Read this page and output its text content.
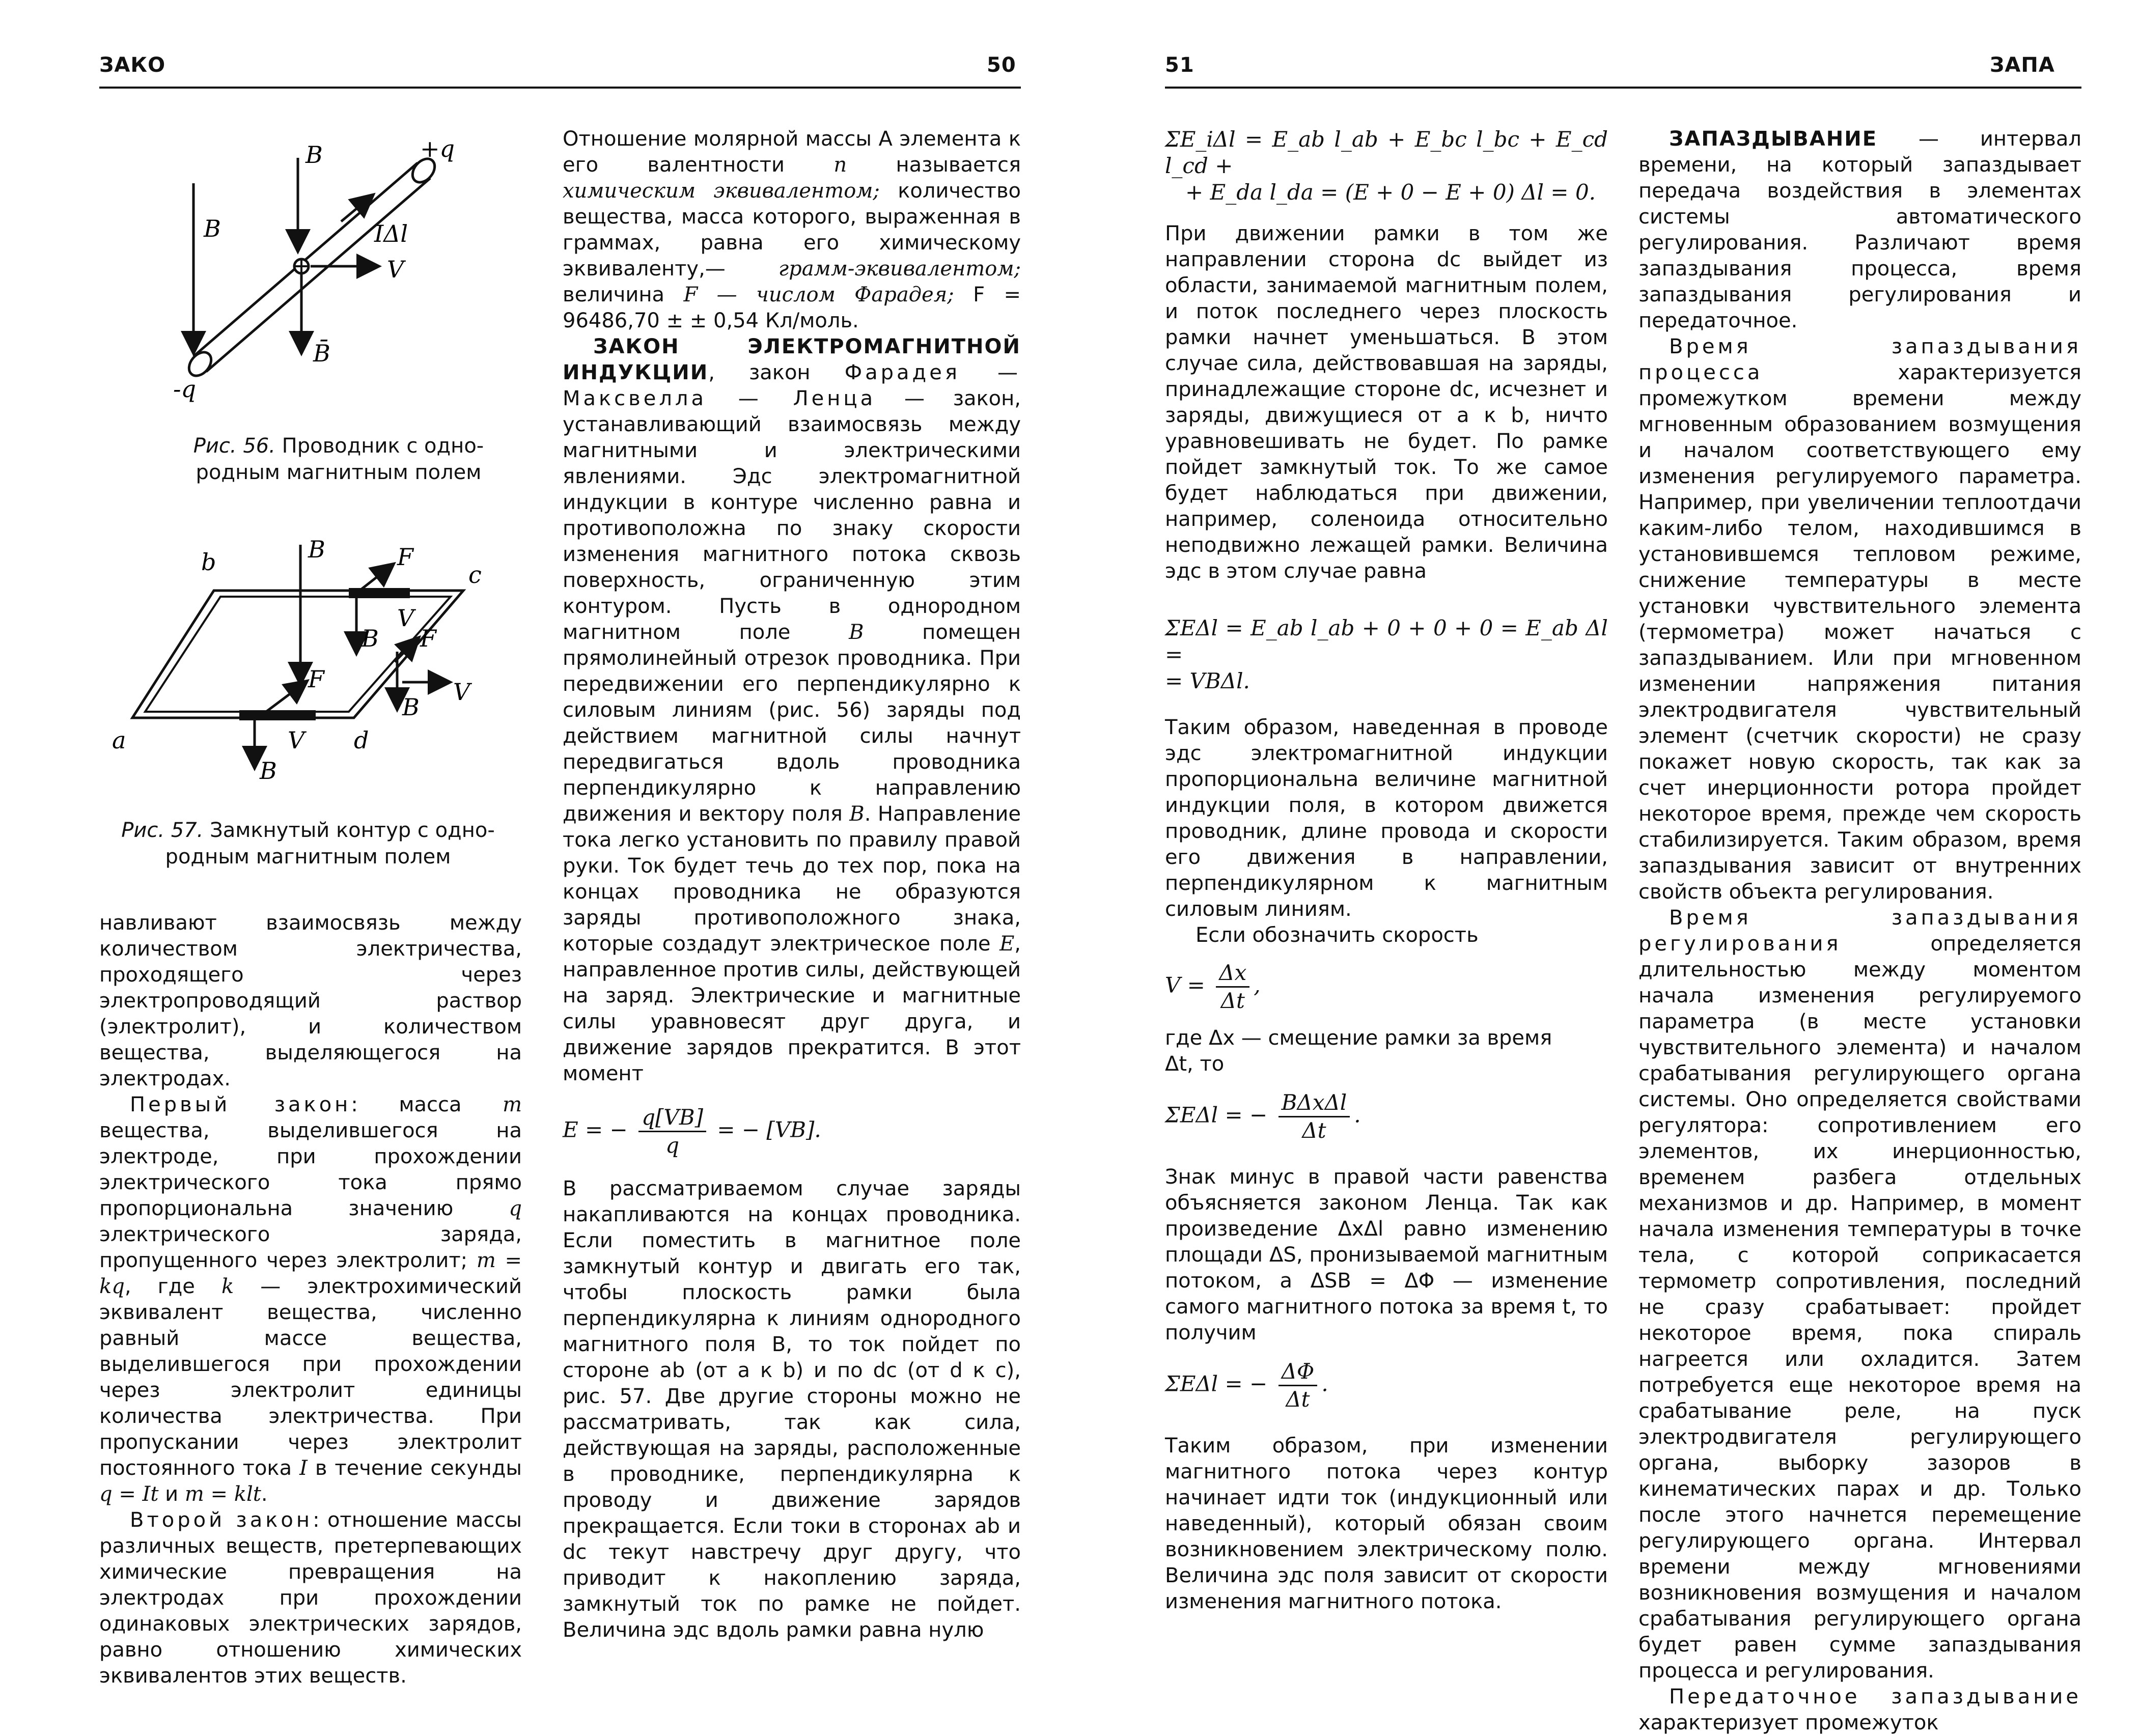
ЗАКО	50
+q
-q
B
B
B̄
IΔl
V
Рис. 56. Проводник с одно-
родным магнитным полем
a
b	c
d
B	F
F
F
V
V
V
B
B
B
Рис. 57. Замкнутый контур с одно-
родным магнитным полем

навливают взаимосвязь между количеством электричества, проходящего через электропроводящий раствор (электролит), и количеством вещества, выделяющегося на электродах.

Первый закон: масса m вещества, выделившегося на электроде, при прохождении электрического тока прямо пропорциональна значению q электрического заряда, пропущенного через электролит; m = kq, где k — электрохимический эквивалент вещества, численно равный массе вещества, выделившегося при прохождении через электролит единицы количества электричества. При пропускании через электролит постоянного тока I в течение секунды q = It и m = klt.

Второй закон: отношение массы различных веществ, претерпевающих химические превращения на электродах при прохождении одинаковых электрических зарядов, равно отношению химических эквивалентов этих веществ.

Отношение молярной массы А элемента к его валентности n называется химическим эквивалентом; количество вещества, масса которого, выраженная в граммах, равна его химическому эквиваленту,— грамм-эквивалентом; величина F — числом Фарадея; F = 96486,70 ± ± 0,54 Кл/моль.

ЗАКОН ЭЛЕКТРОМАГНИТНОЙ ИНДУКЦИИ, закон Фарадея — Максвелла — Ленца — закон, устанавливающий взаимосвязь между магнитными и электрическими явлениями. Эдс электромагнитной индукции в контуре численно равна и противоположна по знаку скорости изменения магнитного потока сквозь поверхность, ограниченную этим контуром. Пусть в однородном магнитном поле B помещен прямолинейный отрезок проводника. При передвижении его перпендикулярно к силовым линиям (рис. 56) заряды под действием магнитной силы начнут передвигаться вдоль проводника перпендикулярно к направлению движения и вектору поля B. Направление тока легко установить по правилу правой руки. Ток будет течь до тех пор, пока на концах проводника не образуются заряды противоположного знака, которые создадут электрическое поле E, направленное против силы, действующей на заряд. Электрические и магнитные силы уравновесят друг друга, и движение зарядов прекратится. В этот момент

E = − $\frac{q[VB]}{q}$ = − [VB].

В рассматриваемом случае заряды накапливаются на концах проводника. Если поместить в магнитное поле замкнутый контур и двигать его так, чтобы плоскость рамки была перпендикулярна к линиям однородного магнитного поля B, то ток пойдет по стороне ab (от a к b) и по dc (от d к c), рис. 57. Две другие стороны можно не рассматривать, так как сила, действующая на заряды, расположенные в проводнике, перпендикулярна к проводу и движение зарядов прекращается. Если токи в сторонах ab и dc текут навстречу друг другу, что приводит к накоплению заряда, замкнутый ток по рамке не пойдет. Величина эдс вдоль рамки равна нулю

51	ЗАПА
ΣE_iΔl = E_ab l_ab + E_bc l_bc + E_cd l_cd +
+ E_da l_da = (E + 0 − E + 0) Δl = 0.

При движении рамки в том же направлении сторона dc выйдет из области, занимаемой магнитным полем, и поток последнего через плоскость рамки начнет уменьшаться. В этом случае сила, действовавшая на заряды, принадлежащие стороне dc, исчезнет и заряды, движущиеся от a к b, ничто уравновешивать не будет. По рамке пойдет замкнутый ток. То же самое будет наблюдаться при движении, например, соленоида относительно неподвижно лежащей рамки. Величина эдс в этом случае равна

ΣEΔl = E_ab l_ab + 0 + 0 + 0 = E_ab Δl =
= VBΔl.

Таким образом, наведенная в проводе эдс электромагнитной индукции пропорциональна величине магнитной индукции поля, в котором движется проводник, длине провода и скорости его движения в направлении, перпендикулярном к магнитным силовым линиям.

Если обозначить скорость

$V = \frac{\Delta x}{\Delta t}$ ,

где Δx — смещение рамки за время
Δt, то

ΣEΔl = − $\frac{\text{BΔxΔl}}{\Delta t}$ .

Знак минус в правой части равенства объясняется законом Ленца. Так как произведение ΔxΔl равно изменению площади ΔS, пронизываемой магнитным потоком, а ΔSB = ΔΦ — изменение самого магнитного потока за время t, то получим

ΣEΔl = − $\frac{\Delta\Phi}{\Delta t}$ .

Таким образом, при изменении магнитного потока через контур начинает идти ток (индукционный или наведенный), который обязан своим возникновением электрическому полю. Величина эдс поля зависит от скорости изменения магнитного потока.

ЗАПАЗДЫВАНИЕ — интервал времени, на который запаздывает передача воздействия в элементах системы автоматического регулирования. Различают время запаздывания процесса, время запаздывания регулирования и передаточное.

Время запаздывания процесса характеризуется промежутком времени между мгновенным образованием возмущения и началом соответствующего ему изменения регулируемого параметра. Например, при увеличении теплоотдачи каким-либо телом, находившимся в установившемся тепловом режиме, снижение температуры в месте установки чувствительного элемента (термометра) может начаться с запаздыванием. Или при мгновенном изменении напряжения питания электродвигателя чувствительный элемент (счетчик скорости) не сразу покажет новую скорость, так как за счет инерционности ротора пройдет некоторое время, прежде чем скорость стабилизируется. Таким образом, время запаздывания зависит от внутренних свойств объекта регулирования.

Время запаздывания регулирования определяется длительностью между моментом начала изменения регулируемого параметра (в месте установки чувствительного элемента) и началом срабатывания регулирующего органа системы. Оно определяется свойствами регулятора: сопротивлением его элементов, их инерционностью, временем разбега отдельных механизмов и др. Например, в момент начала изменения температуры в точке тела, с которой соприкасается термометр сопротивления, последний не сразу срабатывает: пройдет некоторое время, пока спираль нагреется или охладится. Затем потребуется еще некоторое время на срабатывание реле, на пуск электродвигателя регулирующего органа, выборку зазоров в кинематических парах и др. Только после этого начнется перемещение регулирующего органа. Интервал времени между мгновениями возникновения возмущения и началом срабатывания регулирующего органа будет равен сумме запаздывания процесса и регулирования.

Передаточное запаздывание характеризует промежуток
